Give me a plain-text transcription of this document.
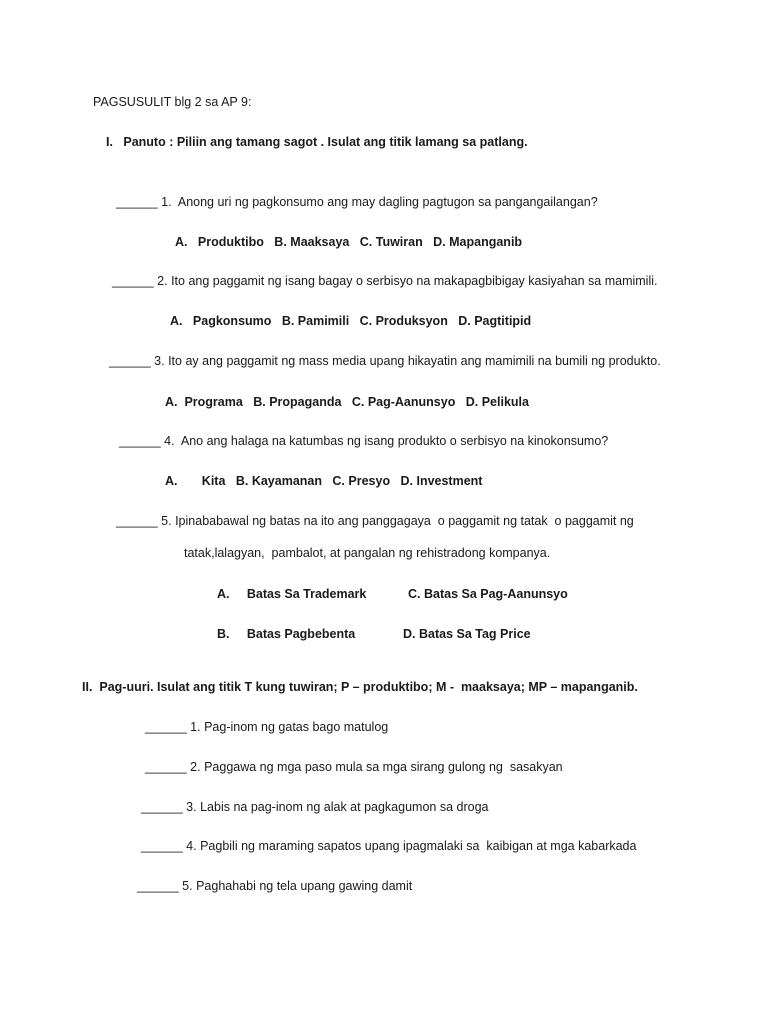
PAGSUSULIT blg 2 sa AP 9:
I.   Panuto : Piliin ang tamang sagot . Isulat ang titik lamang sa patlang.
______ 1.  Anong uri ng pagkonsumo ang may dagling pagtugon sa pangangailangan?
A.   Produktibo   B. Maaksaya   C. Tuwiran   D. Mapanganib
______ 2. Ito ang paggamit ng isang bagay o serbisyo na makapagbibigay kasiyahan sa mamimili.
A.   Pagkonsumo   B. Pamimili   C. Produksyon   D. Pagtitipid
______ 3. Ito ay ang paggamit ng mass media upang hikayatin ang mamimili na bumili ng produkto.
A.  Programa   B. Propaganda   C. Pag-Aanunsyo   D. Pelikula
______ 4.  Ano ang halaga na katumbas ng isang produkto o serbisyo na kinokonsumo?
A.       Kita   B. Kayamanan   C. Presyo   D. Investment
______ 5. Ipinababawal ng batas na ito ang panggagaya  o paggamit ng tatak  o paggamit ng
tatak,lalagyan,  pambalot, at pangalan ng rehistradong kompanya.
A.     Batas Sa Trademark	C. Batas Sa Pag-Aanunsyo
B.     Batas Pagbebenta	D. Batas Sa Tag Price
II.  Pag-uuri. Isulat ang titik T kung tuwiran; P – produktibo; M -  maaksaya; MP – mapanganib.
______ 1. Pag-inom ng gatas bago matulog
______ 2. Paggawa ng mga paso mula sa mga sirang gulong ng  sasakyan
______ 3. Labis na pag-inom ng alak at pagkagumon sa droga
______ 4. Pagbili ng maraming sapatos upang ipagmalaki sa  kaibigan at mga kabarkada
______ 5. Paghahabi ng tela upang gawing damit
